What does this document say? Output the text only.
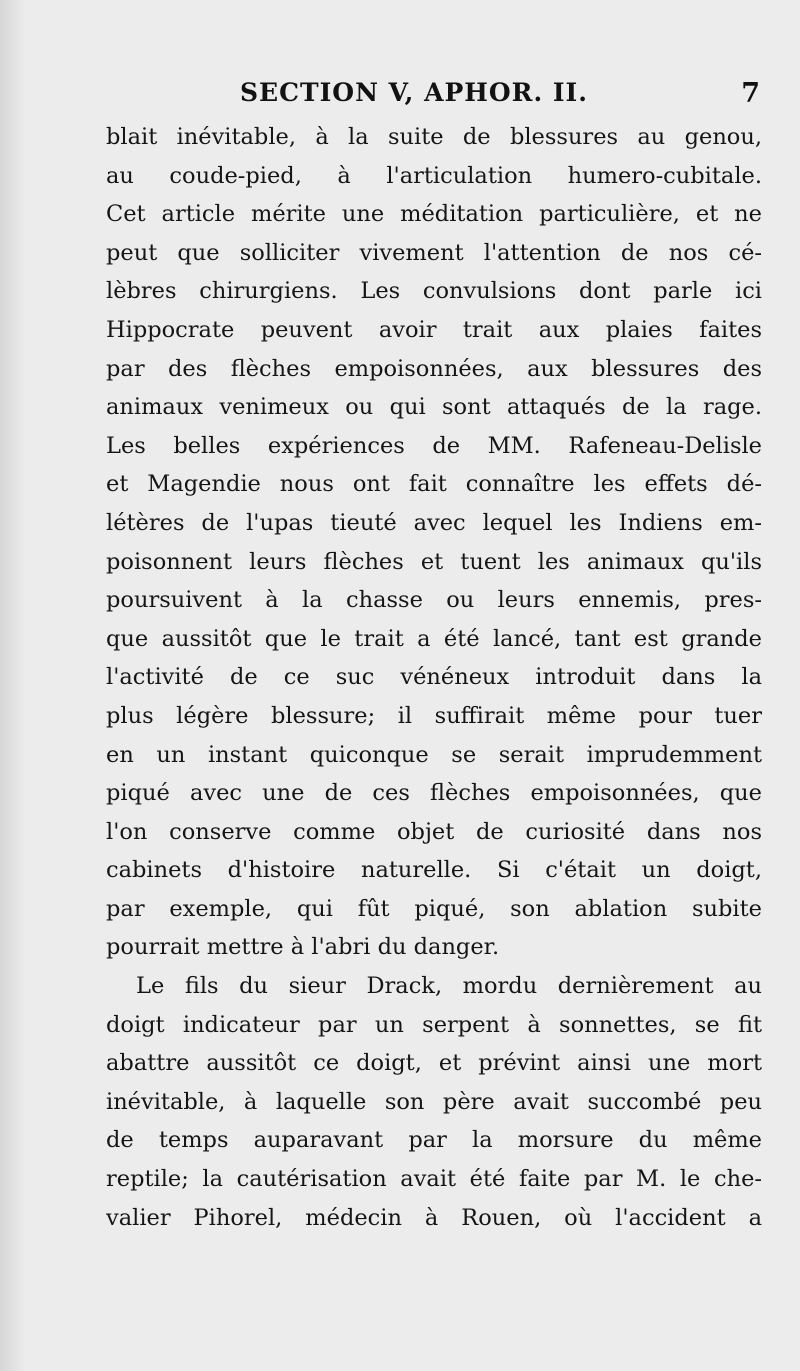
SECTION V, APHOR. II.	7
blait inévitable, à la suite de blessures au genou,
au coude-pied, à l'articulation humero-cubitale.
Cet article mérite une méditation particulière, et ne
peut que solliciter vivement l'attention de nos cé-
lèbres chirurgiens. Les convulsions dont parle ici
Hippocrate peuvent avoir trait aux plaies faites
par des flèches empoisonnées, aux blessures des
animaux venimeux ou qui sont attaqués de la rage.
Les belles expériences de MM. Rafeneau-Delisle
et Magendie nous ont fait connaître les effets dé-
létères de l'upas tieuté avec lequel les Indiens em-
poisonnent leurs flèches et tuent les animaux qu'ils
poursuivent à la chasse ou leurs ennemis, pres-
que aussitôt que le trait a été lancé, tant est grande
l'activité de ce suc vénéneux introduit dans la
plus légère blessure; il suffirait même pour tuer
en un instant quiconque se serait imprudemment
piqué avec une de ces flèches empoisonnées, que
l'on conserve comme objet de curiosité dans nos
cabinets d'histoire naturelle. Si c'était un doigt,
par exemple, qui fût piqué, son ablation subite
pourrait mettre à l'abri du danger.
Le fils du sieur Drack, mordu dernièrement au
doigt indicateur par un serpent à sonnettes, se fit
abattre aussitôt ce doigt, et prévint ainsi une mort
inévitable, à laquelle son père avait succombé peu
de temps auparavant par la morsure du même
reptile; la cautérisation avait été faite par M. le che-
valier Pihorel, médecin à Rouen, où l'accident a
